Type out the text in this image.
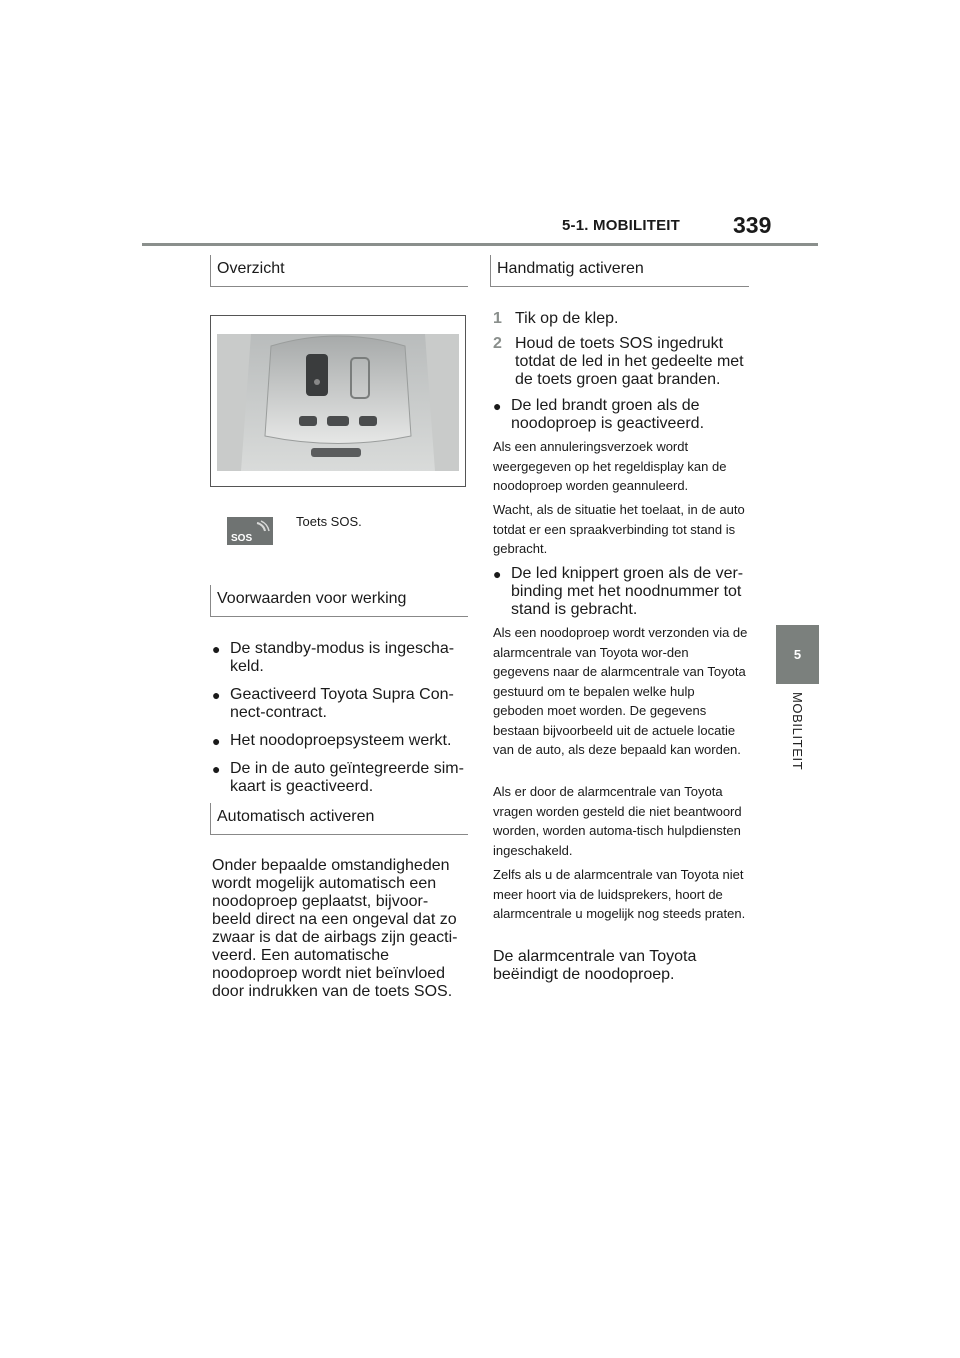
5-1. MOBILITEIT 339
5
MOBILITEIT
Overzicht
SOS
Toets SOS.
Voorwaarden voor werking
● De standby-modus is ingescha-
keld.
● Geactiveerd Toyota Supra Con-
nect-contract.
● Het noodoproepsysteem werkt.
● De in de auto geïntegreerde sim-
kaart is geactiveerd.
Automatisch activeren
Onder bepaalde omstandigheden wordt mogelijk automatisch een noodoproep geplaatst, bijvoor-beeld direct na een ongeval dat zo zwaar is dat de airbags zijn geacti-veerd. Een automatische noodoproep wordt niet beïnvloed door indrukken van de toets SOS.
Handmatig activeren
1 Tik op de klep.
2 Houd de toets SOS ingedrukt totdat de led in het gedeelte met de toets groen gaat branden.
● De led brandt groen als de noodoproep is geactiveerd.
Als een annuleringsverzoek wordt weergegeven op het regeldisplay kan de noodoproep worden geannuleerd.
Wacht, als de situatie het toelaat, in de auto totdat er een spraakverbinding tot stand is gebracht.
● De led knippert groen als de ver-binding met het noodnummer tot stand is gebracht.
Als een noodoproep wordt verzonden via de alarmcentrale van Toyota wor-den gegevens naar de alarmcentrale van Toyota gestuurd om te bepalen welke hulp geboden moet worden. De gegevens bestaan bijvoorbeeld uit de actuele locatie van de auto, als deze bepaald kan worden.
Als er door de alarmcentrale van Toyota vragen worden gesteld die niet beantwoord worden, worden automa-tisch hulpdiensten ingeschakeld.
Zelfs als u de alarmcentrale van Toyota niet meer hoort via de luidsprekers, hoort de alarmcentrale u mogelijk nog steeds praten.
De alarmcentrale van Toyota beëindigt de noodoproep.
